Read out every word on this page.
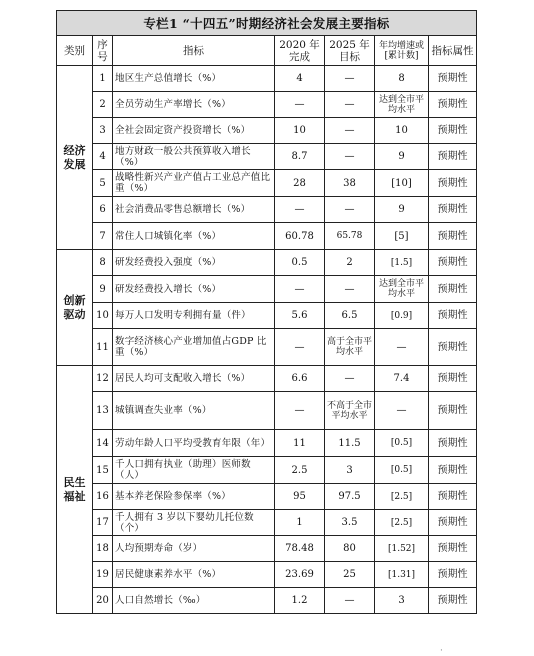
专栏1 “十四五”时期经济社会发展主要指标						
类别	序号	指标	2020 年完成	2025 年目标	年均增速或[累计数]	指标属性

经济
发展	1	地区生产总值增长（%）	4	—	8	预期性
	2	全员劳动生产率增长（%）	—	—	达到全市平均水平	预期性
	3	全社会固定资产投资增长（%）	10	—	10	预期性
	4	地方财政一般公共预算收入增长（%）	8.7	—	9	预期性
	5	战略性新兴产业产值占工业总产值比重（%）	28	38	[10]	预期性
	6	社会消费品零售总额增长（%）	—	—	9	预期性
	7	常住人口城镇化率（%）	60.78	65.78	[5]	预期性

创新
驱动	8	研发经费投入强度（%）	0.5	2	[1.5]	预期性
	9	研发经费投入增长（%）	—	—	达到全市平均水平	预期性
	10	每万人口发明专利拥有量（件）	5.6	6.5	[0.9]	预期性
	11	数字经济核心产业增加值占GDP 比重（%）	—	高于全市平均水平	—	预期性

民生
福祉	12	居民人均可支配收入增长（%）	6.6	—	7.4	预期性
	13	城镇调查失业率（%）	—	不高于全市平均水平	—	预期性
	14	劳动年龄人口平均受教育年限（年）	11	11.5	[0.5]	预期性
	15	千人口拥有执业（助理）医师数（人）	2.5	3	[0.5]	预期性
	16	基本养老保险参保率（%）	95	97.5	[2.5]	预期性
	17	千人拥有 3 岁以下婴幼儿托位数（个）	1	3.5	[2.5]	预期性
	18	人均预期寿命（岁）	78.48	80	[1.52]	预期性
	19	居民健康素养水平（%）	23.69	25	[1.31]	预期性
	20	人口自然增长（‰）	1.2	—	3	预期性
·
